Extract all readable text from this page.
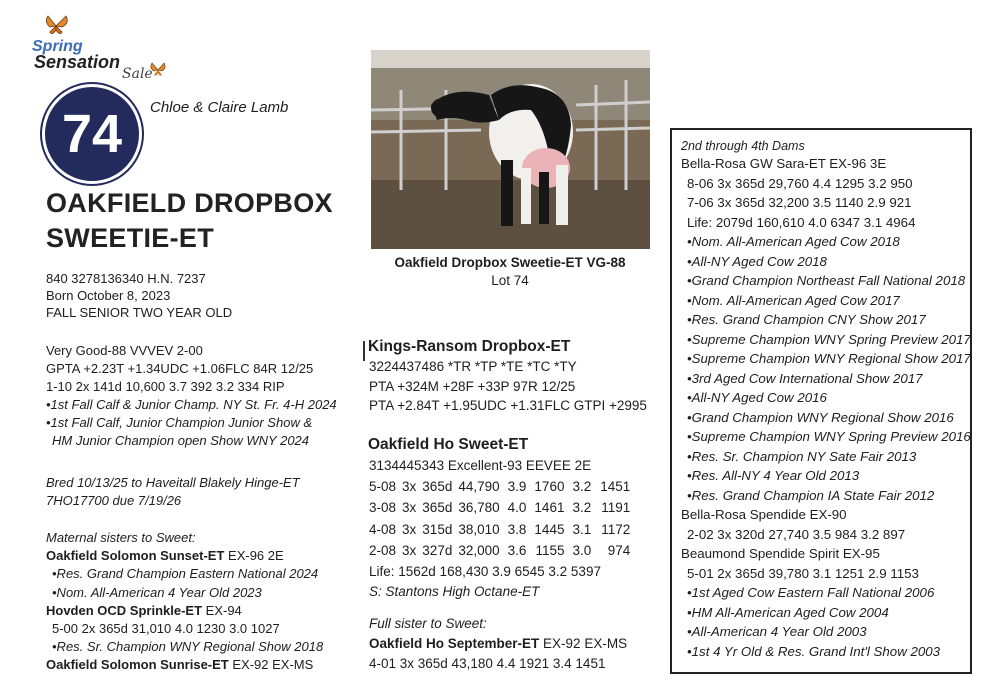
Spring
Sensation
Sale
74	Chloe & Claire Lamb
OAKFIELD DROPBOX
SWEETIE-ET
840 3278136340 H.N. 7237
Born October 8, 2023
FALL SENIOR TWO YEAR OLD
Very Good-88 VVVEV 2-00
GPTA +2.23T +1.34UDC +1.06FLC 84R 12/25
1-10 2x 141d 10,600 3.7 392 3.2 334 RIP
•1st Fall Calf & Junior Champ. NY St. Fr. 4-H 2024
•1st Fall Calf, Junior Champion Junior Show &
HM Junior Champion open Show WNY 2024
Bred 10/13/25 to Haveitall Blakely Hinge-ET
7HO17700 due 7/19/26
Maternal sisters to Sweet:
Oakfield Solomon Sunset-ET EX-96 2E
•Res. Grand Champion Eastern National 2024
•Nom. All-American 4 Year Old 2023
Hovden OCD Sprinkle-ET EX-94
5-00 2x 365d 31,010 4.0 1230 3.0 1027
•Res. Sr. Champion WNY Regional Show 2018
Oakfield Solomon Sunrise-ET EX-92 EX-MS
Oakfield Dropbox Sweetie-ET VG-88
Lot 74
Kings-Ransom Dropbox-ET
3224437486 *TR *TP *TE *TC *TY
PTA +324M +28F +33P 97R 12/25
PTA +2.84T +1.95UDC +1.31FLC GTPI +2995
Oakfield Ho Sweet-ET
3134445343 Excellent-93 EEVEE 2E
5-08	3x	365d	44,790	3.9	1760	3.2	1451
3-08	3x	365d	36,780	4.0	1461	3.2	1191
4-08	3x	315d	38,010	3.8	1445	3.1	1172
2-08	3x	327d	32,000	3.6	1155	3.0	974
Life: 1562d 168,430 3.9 6545 3.2 5397
S: Stantons High Octane-ET
Full sister to Sweet:
Oakfield Ho September-ET EX-92 EX-MS
4-01 3x 365d 43,180 4.4 1921 3.4 1451
2nd through 4th Dams
Bella-Rosa GW Sara-ET EX-96 3E
8-06 3x 365d 29,760 4.4 1295 3.2 950
7-06 3x 365d 32,200 3.5 1140 2.9 921
Life: 2079d 160,610 4.0 6347 3.1 4964
•Nom. All-American Aged Cow 2018
•All-NY Aged Cow 2018
•Grand Champion Northeast Fall National 2018
•Nom. All-American Aged Cow 2017
•Res. Grand Champion CNY Show 2017
•Supreme Champion WNY Spring Preview 2017
•Supreme Champion WNY Regional Show 2017
•3rd Aged Cow International Show 2017
•All-NY Aged Cow 2016
•Grand Champion WNY Regional Show 2016
•Supreme Champion WNY Spring Preview 2016
•Res. Sr. Champion NY Sate Fair 2013
•Res. All-NY 4 Year Old 2013
•Res. Grand Champion IA State Fair 2012
Bella-Rosa Spendide EX-90
2-02 3x 320d 27,740 3.5 984 3.2 897
Beaumond Spendide Spirit EX-95
5-01 2x 365d 39,780 3.1 1251 2.9 1153
•1st Aged Cow Eastern Fall National 2006
•HM All-American Aged Cow 2004
•All-American 4 Year Old 2003
•1st 4 Yr Old & Res. Grand Int'l Show 2003
